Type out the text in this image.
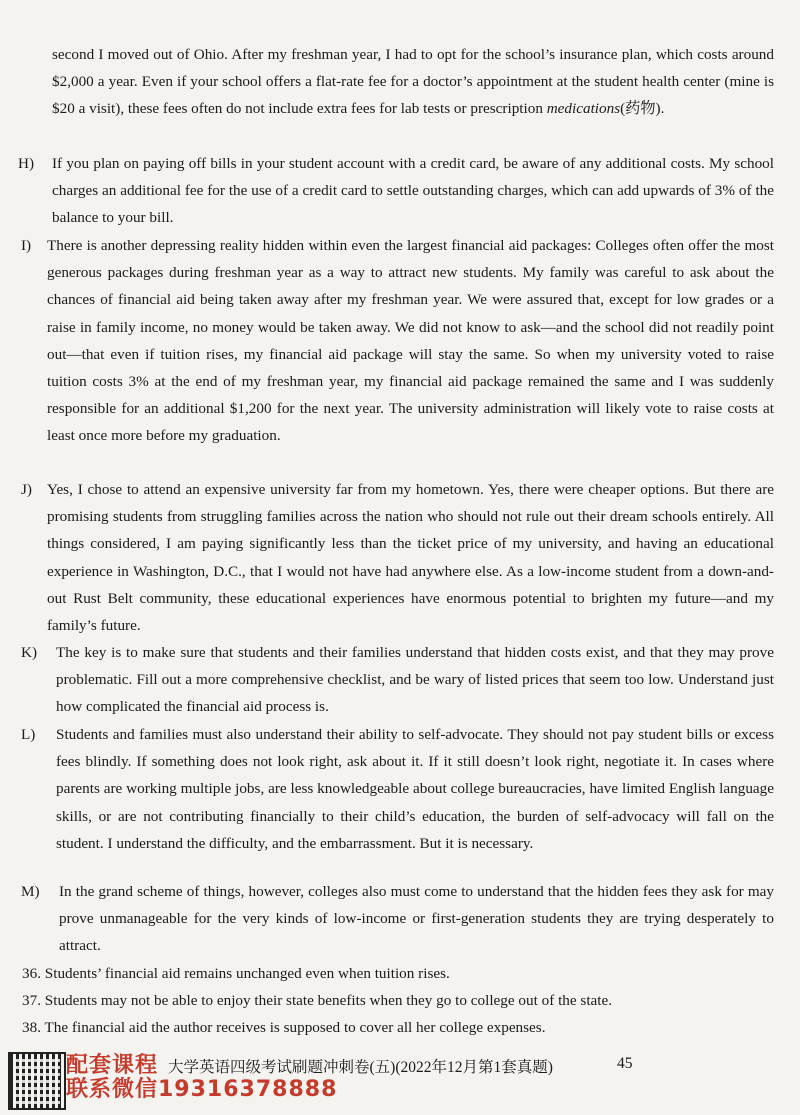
second I moved out of Ohio. After my freshman year, I had to opt for the school’s insurance plan, which costs around $2,000 a year. Even if your school offers a flat-rate fee for a doctor’s appointment at the student health center (mine is $20 a visit), these fees often do not include extra fees for lab tests or prescription medications(药物).
H) If you plan on paying off bills in your student account with a credit card, be aware of any additional costs. My school charges an additional fee for the use of a credit card to settle outstanding charges, which can add upwards of 3% of the balance to your bill.
I) There is another depressing reality hidden within even the largest financial aid packages: Colleges often offer the most generous packages during freshman year as a way to attract new students. My family was careful to ask about the chances of financial aid being taken away after my freshman year. We were assured that, except for low grades or a raise in family income, no money would be taken away. We did not know to ask—and the school did not readily point out—that even if tuition rises, my financial aid package will stay the same. So when my university voted to raise tuition costs 3% at the end of my freshman year, my financial aid package remained the same and I was suddenly responsible for an additional $1,200 for the next year. The university administration will likely vote to raise costs at least once more before my graduation.
J) Yes, I chose to attend an expensive university far from my hometown. Yes, there were cheaper options. But there are promising students from struggling families across the nation who should not rule out their dream schools entirely. All things considered, I am paying significantly less than the ticket price of my university, and having an educational experience in Washington, D.C., that I would not have had anywhere else. As a low-income student from a down-and-out Rust Belt community, these educational experiences have enormous potential to brighten my future—and my family’s future.
K) The key is to make sure that students and their families understand that hidden costs exist, and that they may prove problematic. Fill out a more comprehensive checklist, and be wary of listed prices that seem too low. Understand just how complicated the financial aid process is.
L) Students and families must also understand their ability to self-advocate. They should not pay student bills or excess fees blindly. If something does not look right, ask about it. If it still doesn’t look right, negotiate it. In cases where parents are working multiple jobs, are less knowledgeable about college bureaucracies, have limited English language skills, or are not contributing financially to their child’s education, the burden of self-advocacy will fall on the student. I understand the difficulty, and the embarrassment. But it is necessary.
M) In the grand scheme of things, however, colleges also must come to understand that the hidden fees they ask for may prove unmanageable for the very kinds of low-income or first-generation students they are trying desperately to attract.
36. Students’ financial aid remains unchanged even when tuition rises.
37. Students may not be able to enjoy their state benefits when they go to college out of the state.
38. The financial aid the author receives is supposed to cover all her college expenses.
配套课程
联系微信19316378888
大学英语四级考试刷题冲刺卷(五)(2022年12月第1套真题)	45
